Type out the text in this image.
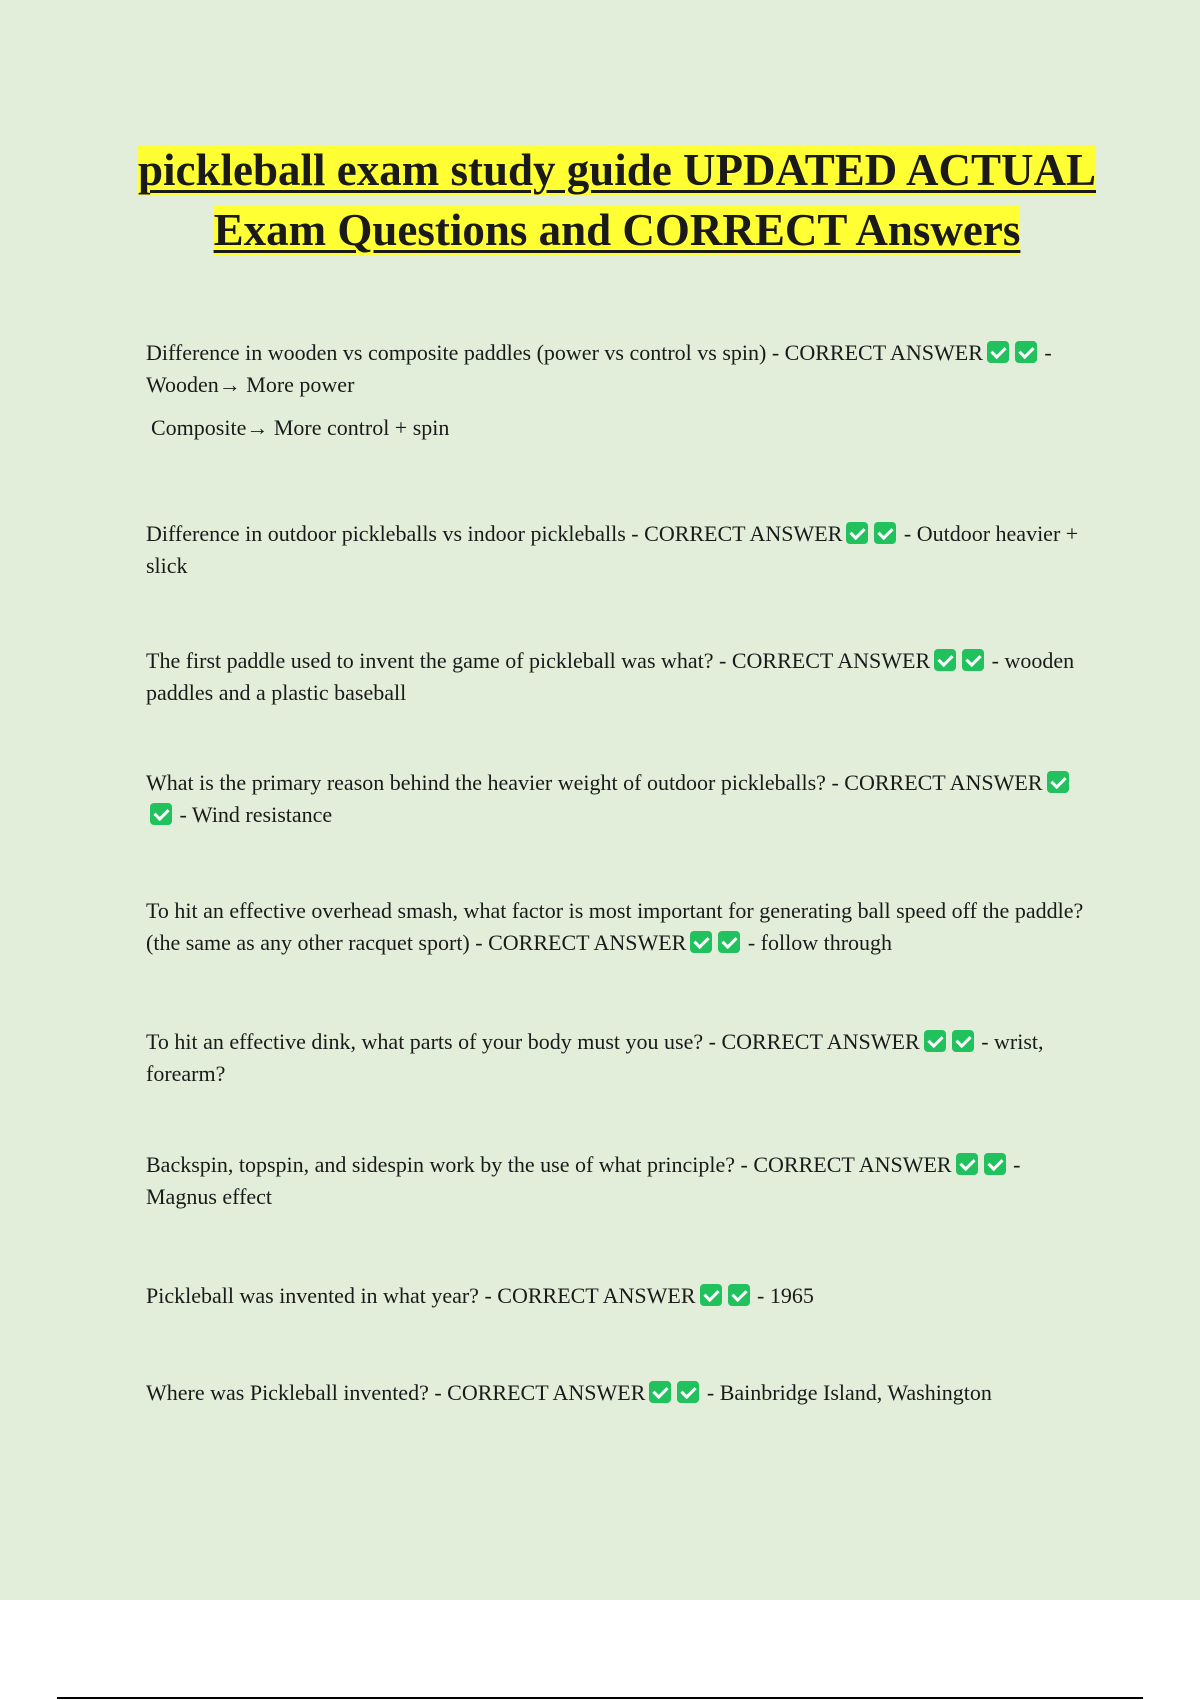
pickleball exam study guide UPDATED ACTUAL Exam Questions and CORRECT Answers
Difference in wooden vs composite paddles (power vs control vs spin) - CORRECT ANSWER	- Wooden→ More power
Composite→ More control + spin
Difference in outdoor pickleballs vs indoor pickleballs - CORRECT ANSWER	- Outdoor heavier + slick
The first paddle used to invent the game of pickleball was what? - CORRECT ANSWER	- wooden paddles and a plastic baseball
What is the primary reason behind the heavier weight of outdoor pickleballs? - CORRECT ANSWER - Wind resistance
To hit an effective overhead smash, what factor is most important for generating ball speed off the paddle? (the same as any other racquet sport) - CORRECT ANSWER	- follow through
To hit an effective dink, what parts of your body must you use? - CORRECT ANSWER	- wrist, forearm?
Backspin, topspin, and sidespin work by the use of what principle? - CORRECT ANSWER	- Magnus effect
Pickleball was invented in what year? - CORRECT ANSWER	- 1965
Where was Pickleball invented? - CORRECT ANSWER	- Bainbridge Island, Washington
